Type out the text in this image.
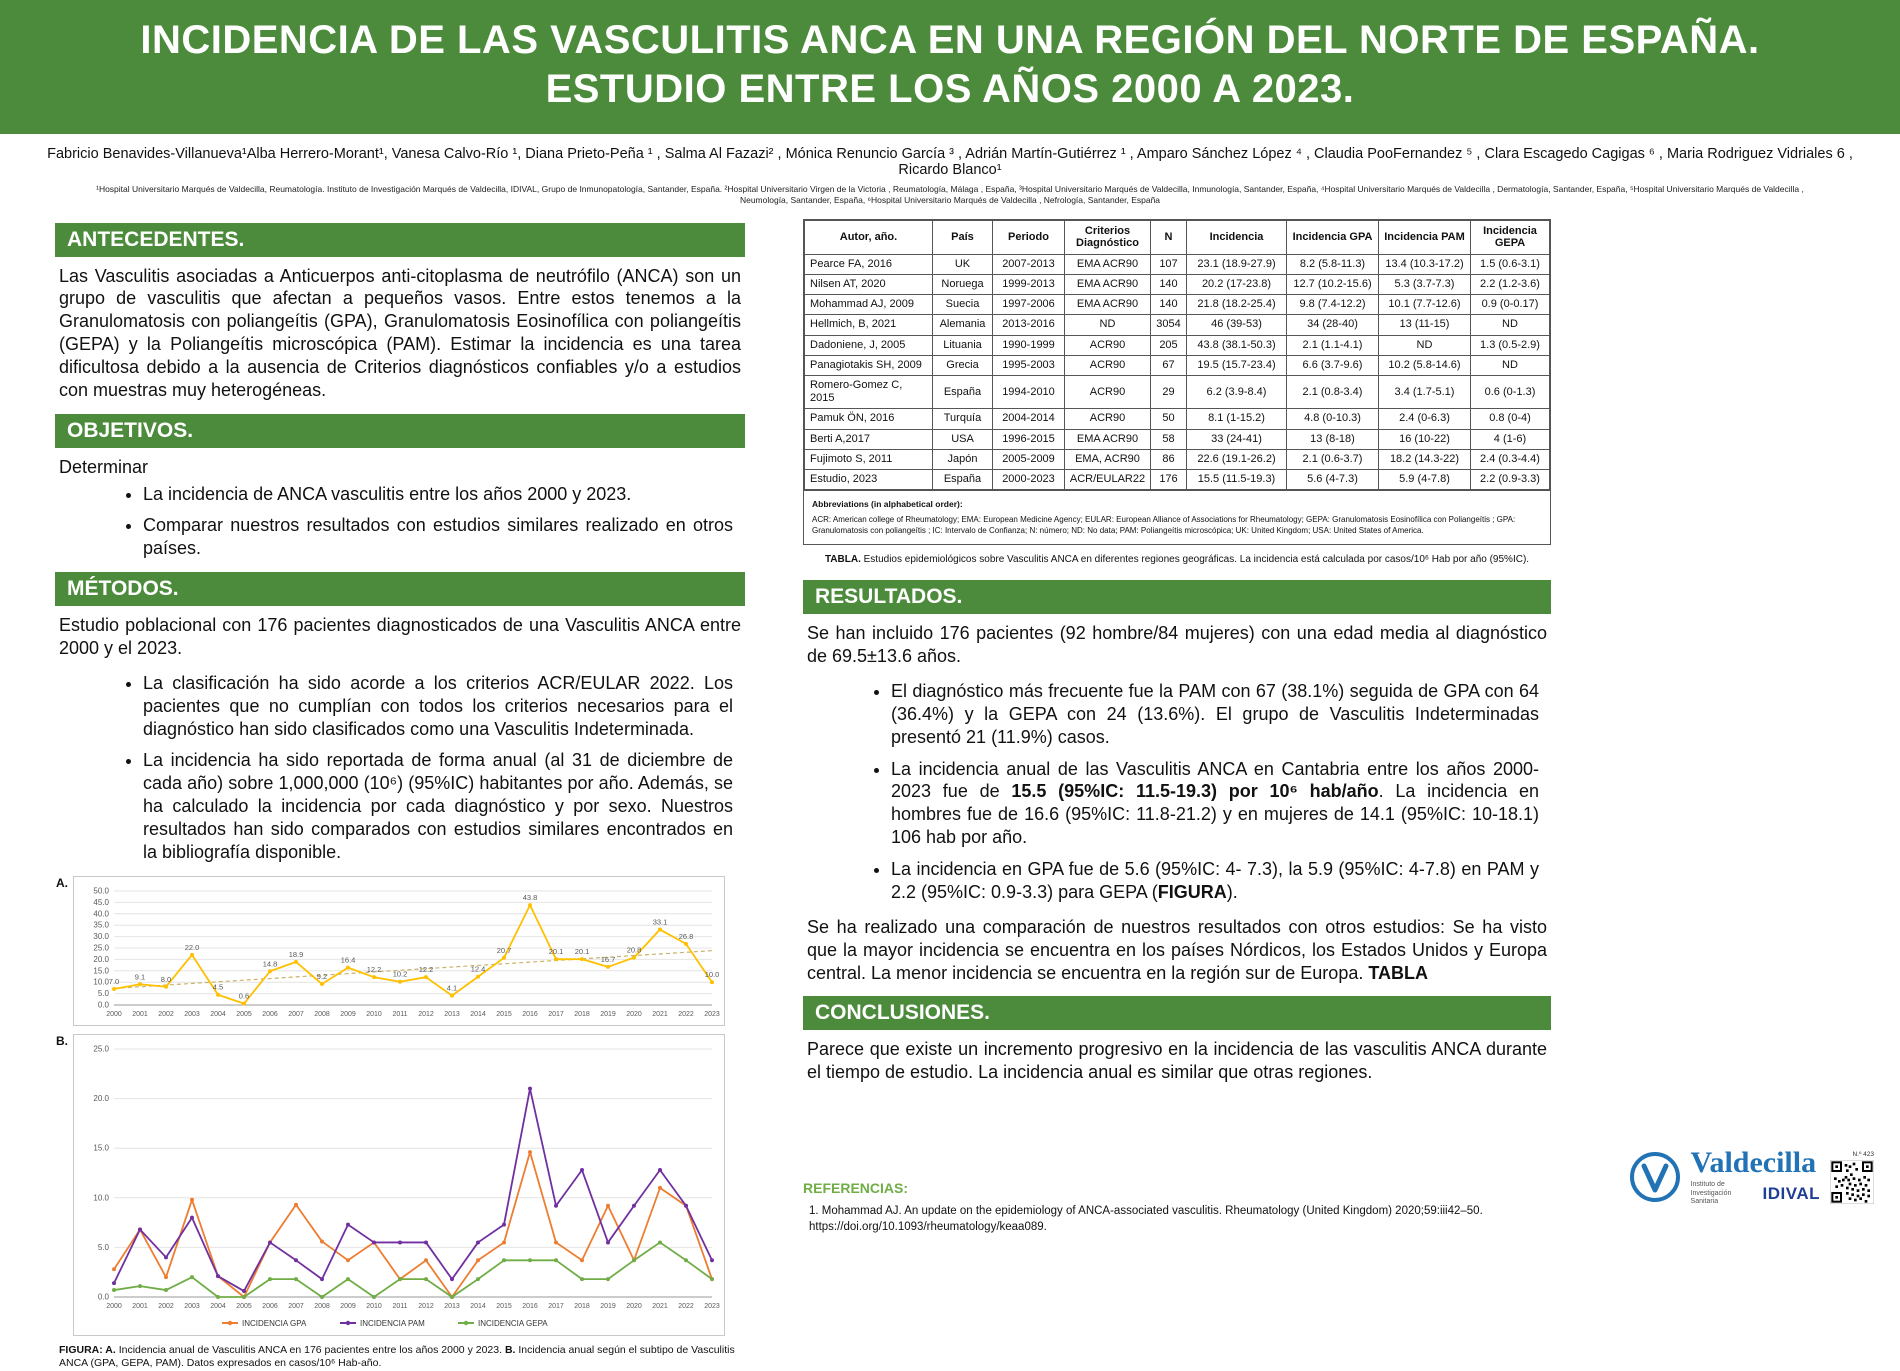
INCIDENCIA DE LAS VASCULITIS ANCA EN UNA REGIÓN DEL NORTE DE ESPAÑA. ESTUDIO ENTRE LOS AÑOS 2000 A 2023.
Fabricio Benavides-Villanueva¹Alba Herrero-Morant¹, Vanesa Calvo-Río ¹, Diana Prieto-Peña ¹ , Salma Al Fazazi² , Mónica Renuncio García ³ , Adrián Martín-Gutiérrez ¹ , Amparo Sánchez López ⁴ , Claudia PooFernandez ⁵ , Clara Escagedo Cagigas ⁶ , Maria Rodriguez Vidriales 6 , Ricardo Blanco¹
¹Hospital Universitario Marqués de Valdecilla, Reumatología. Instituto de Investigación Marqués de Valdecilla, IDIVAL, Grupo de Inmunopatología, Santander, España. ²Hospital Universitario Virgen de la Victoria , Reumatología, Málaga , España, ³Hospital Universitario Marqués de Valdecilla, Inmunología, Santander, España, ⁴Hospital Universitario Marqués de Valdecilla , Dermatología, Santander, España, ⁵Hospital Universitario Marqués de Valdecilla , Neumología, Santander, España, ⁶Hospital Universitario Marqués de Valdecilla , Nefrología, Santander, España
ANTECEDENTES.

Las Vasculitis asociadas a Anticuerpos anti-citoplasma de neutrófilo (ANCA) son un grupo de vasculitis que afectan a pequeños vasos. Entre estos tenemos a la Granulomatosis con poliangeítis (GPA), Granulomatosis Eosinofílica con poliangeítis (GEPA) y la Poliangeítis microscópica (PAM). Estimar la incidencia es una tarea dificultosa debido a la ausencia de Criterios diagnósticos confiables y/o a estudios con muestras muy heterogéneas.

OBJETIVOS.

Determinar

• La incidencia de ANCA vasculitis entre los años 2000 y 2023.
• Comparar nuestros resultados con estudios similares realizado en otros países.
MÉTODOS.

Estudio poblacional con 176 pacientes diagnosticados de una Vasculitis ANCA entre 2000 y el 2023.

• La clasificación ha sido acorde a los criterios ACR/EULAR 2022. Los pacientes que no cumplían con todos los criterios necesarios para el diagnóstico han sido clasificados como una Vasculitis Indeterminada.
• La incidencia ha sido reportada de forma anual (al 31 de diciembre de cada año) sobre 1,000,000 (10⁶) (95%IC) habitantes por año. Además, se ha calculado la incidencia por cada diagnóstico y por sexo. Nuestros resultados han sido comparados con estudios similares encontrados en la bibliografía disponible.
A.
0.0
5.0
10.0
15.0
20.0
25.0
30.0
35.0
40.0
45.0
50.0
2000 2001 2002 2003 2004 2005 2006 2007 2008 2009 2010 2011 2012 2013 2014 2015 2016 2017 2018 2019 2020 2021 2022 2023
7.0
9.1 8.0
22.0
4.5
0.6
14.8
18.9
9.2
16.4
12.2
10.2
12.2
4.1
12.4
20.7
43.8
20.1 20.1
16.7
20.8
33.1
26.8
10.0
B.
0.0
5.0
10.0
15.0
20.0
25.0
2000 2001 2002 2003 2004 2005 2006 2007 2008 2009 2010 2011 2012 2013 2014 2015 2016 2017 2018 2019 2020 2021 2022 2023
INCIDENCIA GPA	INCIDENCIA PAM	INCIDENCIA GEPA

FIGURA: A. Incidencia anual de Vasculitis ANCA en 176 pacientes entre los años 2000 y 2023. B. Incidencia anual según el subtipo de Vasculitis ANCA (GPA, GEPA, PAM). Datos expresados en casos/10⁶ Hab-año.

Autor, año.	País	Periodo	Criterios Diagnóstico	N	Incidencia	Incidencia GPA	Incidencia PAM	Incidencia GEPA
Pearce FA, 2016	UK	2007-2013	EMA ACR90	107	23.1 (18.9-27.9)	8.2 (5.8-11.3)	13.4 (10.3-17.2)	1.5 (0.6-3.1)
Nilsen AT, 2020	Noruega	1999-2013	EMA ACR90	140	20.2 (17-23.8)	12.7 (10.2-15.6)	5.3 (3.7-7.3)	2.2 (1.2-3.6)
Mohammad AJ, 2009	Suecia	1997-2006	EMA ACR90	140	21.8 (18.2-25.4)	9.8 (7.4-12.2)	10.1 (7.7-12.6)	0.9 (0-0.17)
Hellmich, B, 2021	Alemania	2013-2016	ND	3054	46 (39-53)	34 (28-40)	13 (11-15)	ND
Dadoniene, J, 2005	Lituania	1990-1999	ACR90	205	43.8 (38.1-50.3)	2.1 (1.1-4.1)	ND	1.3 (0.5-2.9)
Panagiotakis SH, 2009	Grecia	1995-2003	ACR90	67	19.5 (15.7-23.4)	6.6 (3.7-9.6)	10.2 (5.8-14.6)	ND
Romero-Gomez C, 2015	España	1994-2010	ACR90	29	6.2 (3.9-8.4)	2.1 (0.8-3.4)	3.4 (1.7-5.1)	0.6 (0-1.3)
Pamuk ÖN, 2016	Turquía	2004-2014	ACR90	50	8.1 (1-15.2)	4.8 (0-10.3)	2.4 (0-6.3)	0.8 (0-4)
Berti A,2017	USA	1996-2015	EMA ACR90	58	33 (24-41)	13 (8-18)	16 (10-22)	4 (1-6)
Fujimoto S, 2011	Japón	2005-2009	EMA, ACR90	86	22.6 (19.1-26.2)	2.1 (0.6-3.7)	18.2 (14.3-22)	2.4 (0.3-4.4)
Estudio, 2023	España	2000-2023	ACR/EULAR22	176	15.5 (11.5-19.3)	5.6 (4-7.3)	5.9 (4-7.8)	2.2 (0.9-3.3)
Abbreviations (in alphabetical order):
ACR: American college of Rheumatology; EMA: European Medicine Agency; EULAR: European Alliance of Associations for Rheumatology; GEPA: Granulomatosis Eosinofílica con Poliangeítis ; GPA: Granulomatosis con poliangeítis ; IC: Intervalo de Confianza; N: número; ND: No data; PAM: Poliangeítis microscópica; UK: United Kingdom; USA: United States of America.

TABLA. Estudios epidemiológicos sobre Vasculitis ANCA en diferentes regiones geográficas. La incidencia está calculada por casos/10⁶ Hab por año (95%IC).

RESULTADOS.

Se han incluido 176 pacientes (92 hombre/84 mujeres) con una edad media al diagnóstico de 69.5±13.6 años.

• El diagnóstico más frecuente fue la PAM con 67 (38.1%) seguida de GPA con 64 (36.4%) y la GEPA con 24 (13.6%). El grupo de Vasculitis Indeterminadas presentó 21 (11.9%) casos.
• La incidencia anual de las Vasculitis ANCA en Cantabria entre los años 2000-2023 fue de 15.5 (95%IC: 11.5-19.3) por 10⁶ hab/año. La incidencia en hombres fue de 16.6 (95%IC: 11.8-21.2) y en mujeres de 14.1 (95%IC: 10-18.1) 106 hab por año.
• La incidencia en GPA fue de 5.6 (95%IC: 4- 7.3), la 5.9 (95%IC: 4-7.8) en PAM y 2.2 (95%IC: 0.9-3.3) para GEPA (FIGURA).

Se ha realizado una comparación de nuestros resultados con otros estudios: Se ha visto que la mayor incidencia se encuentra en los países Nórdicos, los Estados Unidos y Europa central. La menor incidencia se encuentra en la región sur de Europa. TABLA

CONCLUSIONES.

Parece que existe un incremento progresivo en la incidencia de las vasculitis ANCA durante el tiempo de estudio. La incidencia anual es similar que otras regiones.

REFERENCIAS:

1. Mohammad AJ. An update on the epidemiology of ANCA-associated vasculitis. Rheumatology (United Kingdom) 2020;59:iii42–50. https://doi.org/10.1093/rheumatology/keaa089.

Valdecilla
Instituto de Investigación Sanitaria	IDIVAL
N.º 423
